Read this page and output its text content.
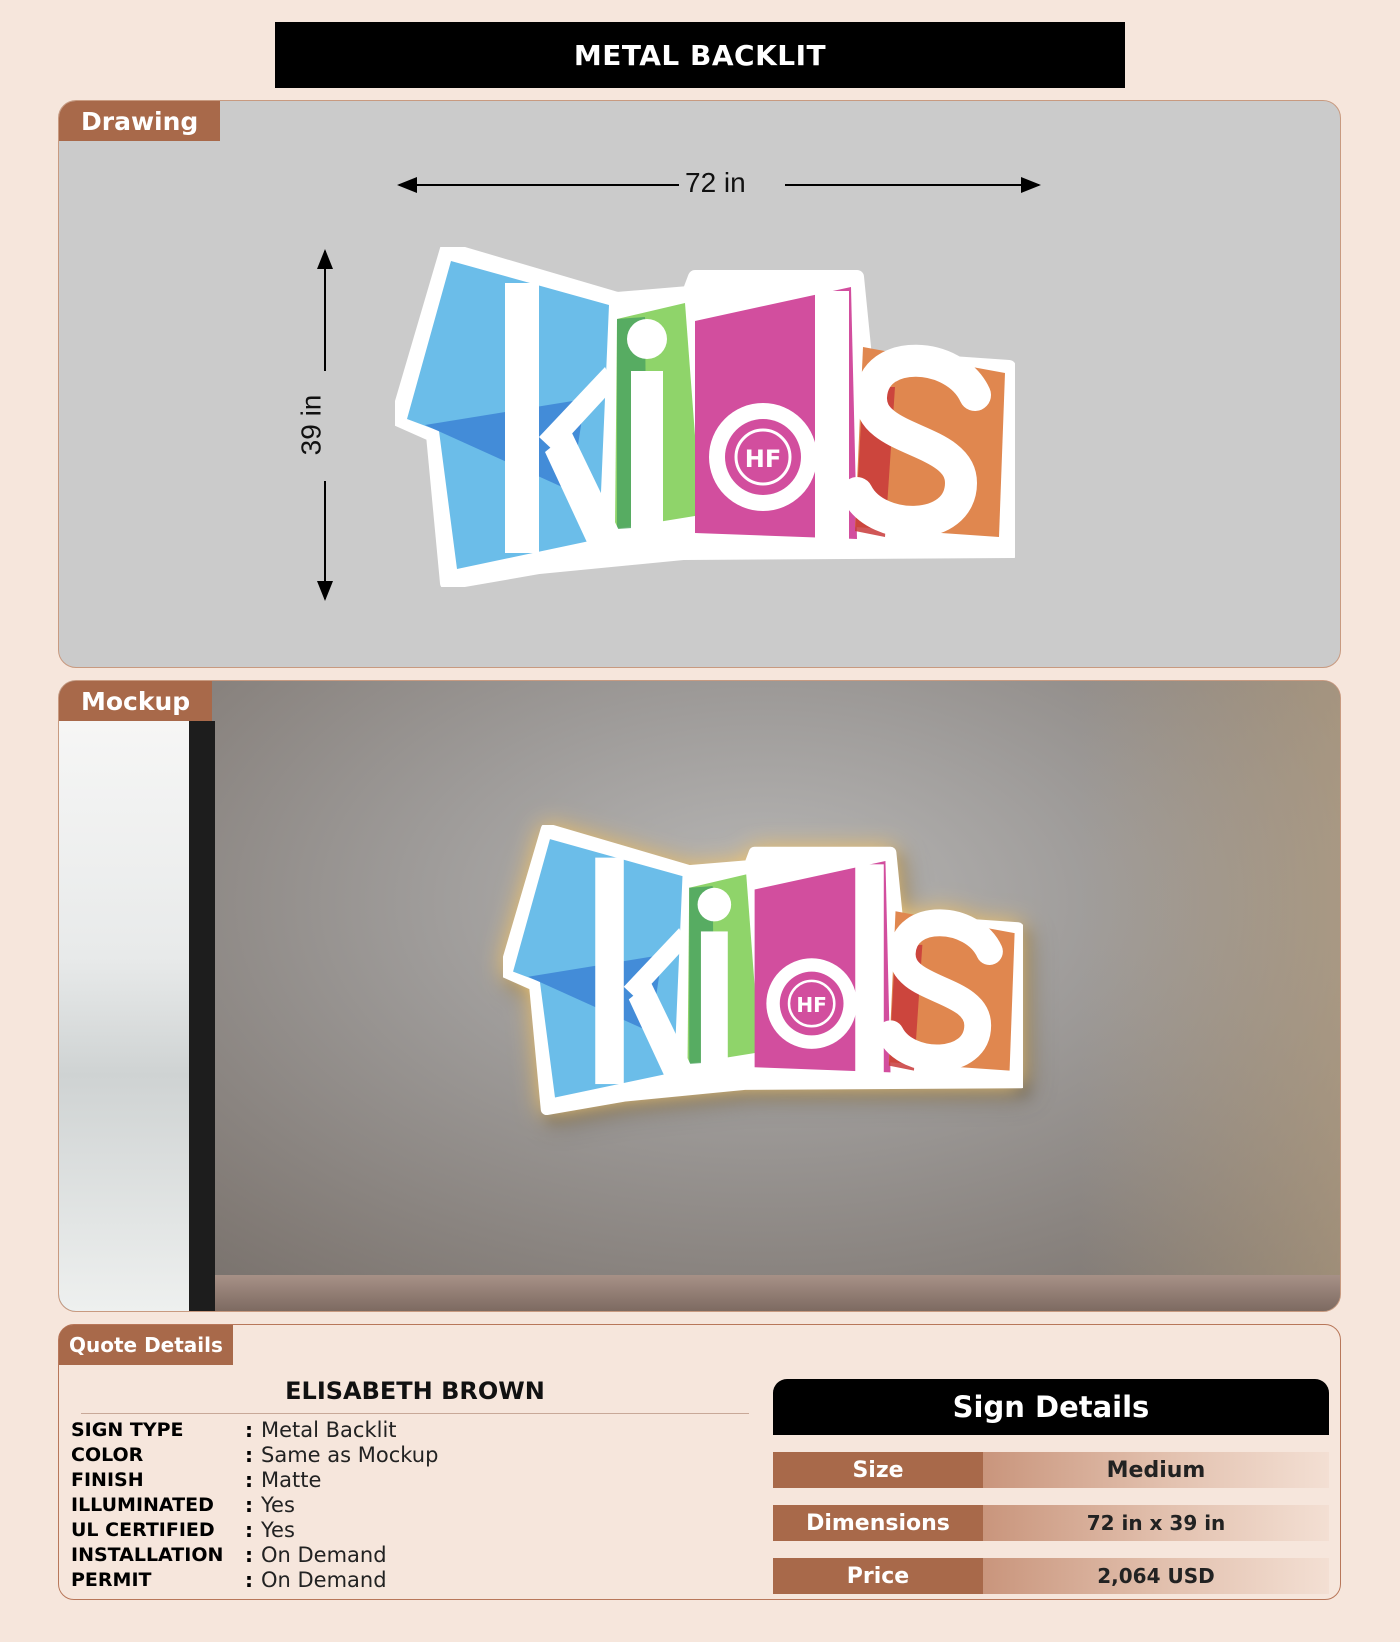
METAL BACKLIT
Drawing
72 in
39 in
Mockup
Quote Details
ELISABETH BROWN
SIGN TYPE	: Metal Backlit
COLOR	: Same as Mockup
FINISH	: Matte
ILLUMINATED	: Yes
UL CERTIFIED	: Yes
INSTALLATION	: On Demand
PERMIT	: On Demand
Sign Details
Size	Medium
Dimensions	72 in x 39 in
Price	2,064 USD
